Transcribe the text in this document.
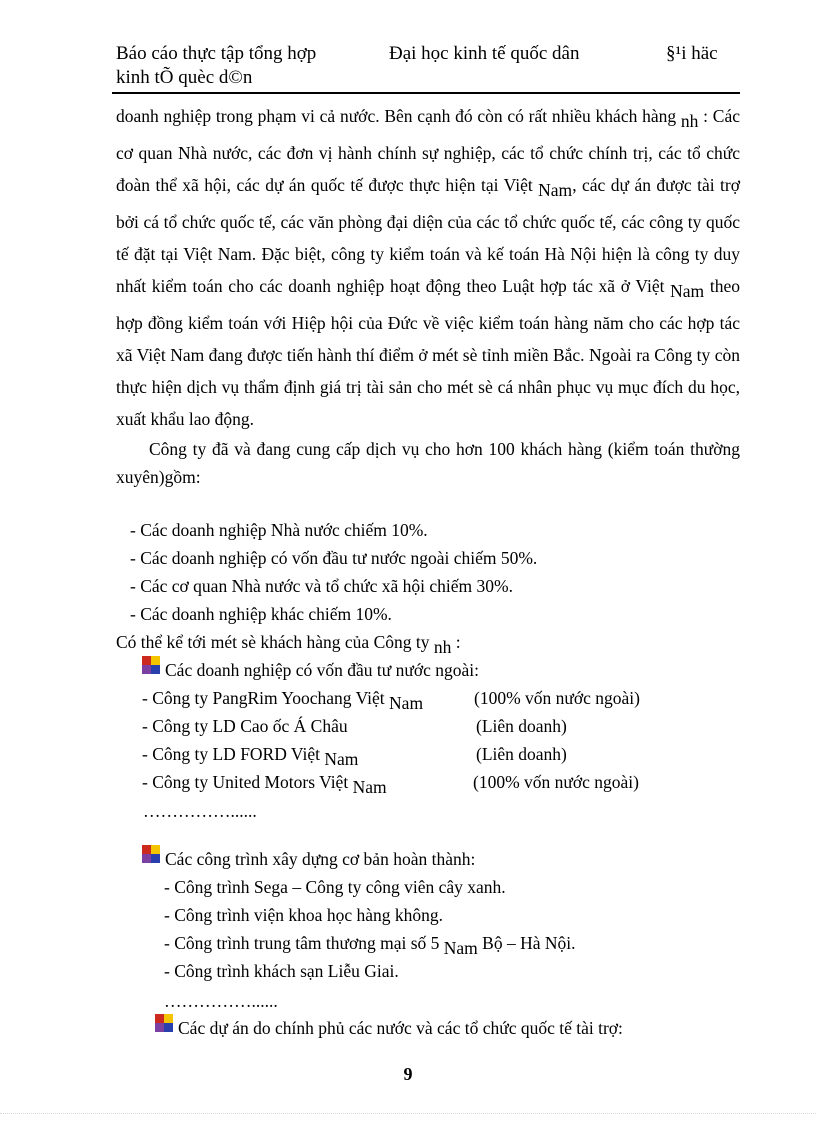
Báo cáo thực tập tổng hợp
kinh tÕ quèc d©n
Đại học kinh tế quốc dân	§¹i häc

doanh nghiệp trong phạm vi cả nước. Bên cạnh đó còn có rất nhiều khách hàng nh : Các cơ quan Nhà nước, các đơn vị hành chính sự nghiệp, các tổ chức chính trị, các tổ chức đoàn thể xã hội, các dự án quốc tế được thực hiện tại Việt Nam, các dự án được tài trợ bởi cá tổ chức quốc tế, các văn phòng đại diện của các tổ chức quốc tế, các công ty quốc tế đặt tại Việt Nam. Đặc biệt, công ty kiểm toán và kế toán Hà Nội hiện là công ty duy nhất kiểm toán cho các doanh nghiệp hoạt động theo Luật hợp tác xã ở Việt Nam theo hợp đồng kiểm toán với Hiệp hội của Đức về việc kiểm toán hàng năm cho các hợp tác xã Việt Nam đang được tiến hành thí điểm ở mét sè tỉnh miền Bắc. Ngoài ra Công ty còn thực hiện dịch vụ thẩm định giá trị tài sản cho mét sè cá nhân phục vụ mục đích du học, xuất khẩu lao động.

Công ty đã và đang cung cấp dịch vụ cho hơn 100 khách hàng (kiểm toán thường xuyên)gồm:

- Các doanh nghiệp Nhà nước chiếm 10%.
- Các doanh nghiệp có vốn đầu tư nước ngoài chiếm 50%.
- Các cơ quan Nhà nước và tổ chức xã hội chiếm 30%.
- Các doanh nghiệp khác chiếm 10%.
Có thể kể tới mét sè khách hàng của Công ty nh :
Các doanh nghiệp có vốn đầu tư nước ngoài:
- Công ty PangRim Yoochang Việt Nam	(100% vốn nước ngoài)
- Công ty LD Cao ốc Á Châu	(Liên doanh)
- Công ty LD FORD Việt Nam	(Liên doanh)
- Công ty United Motors Việt Nam	(100% vốn nước ngoài)
……………......
Các công trình xây dựng cơ bản hoàn thành:
- Công trình Sega – Công ty công viên cây xanh.
- Công trình viện khoa học hàng không.
- Công trình trung tâm thương mại số 5 Nam Bộ – Hà Nội.
- Công trình khách sạn Liễu Giai.
……………......
Các dự án do chính phủ các nước và các tổ chức quốc tế tài trợ:
9
